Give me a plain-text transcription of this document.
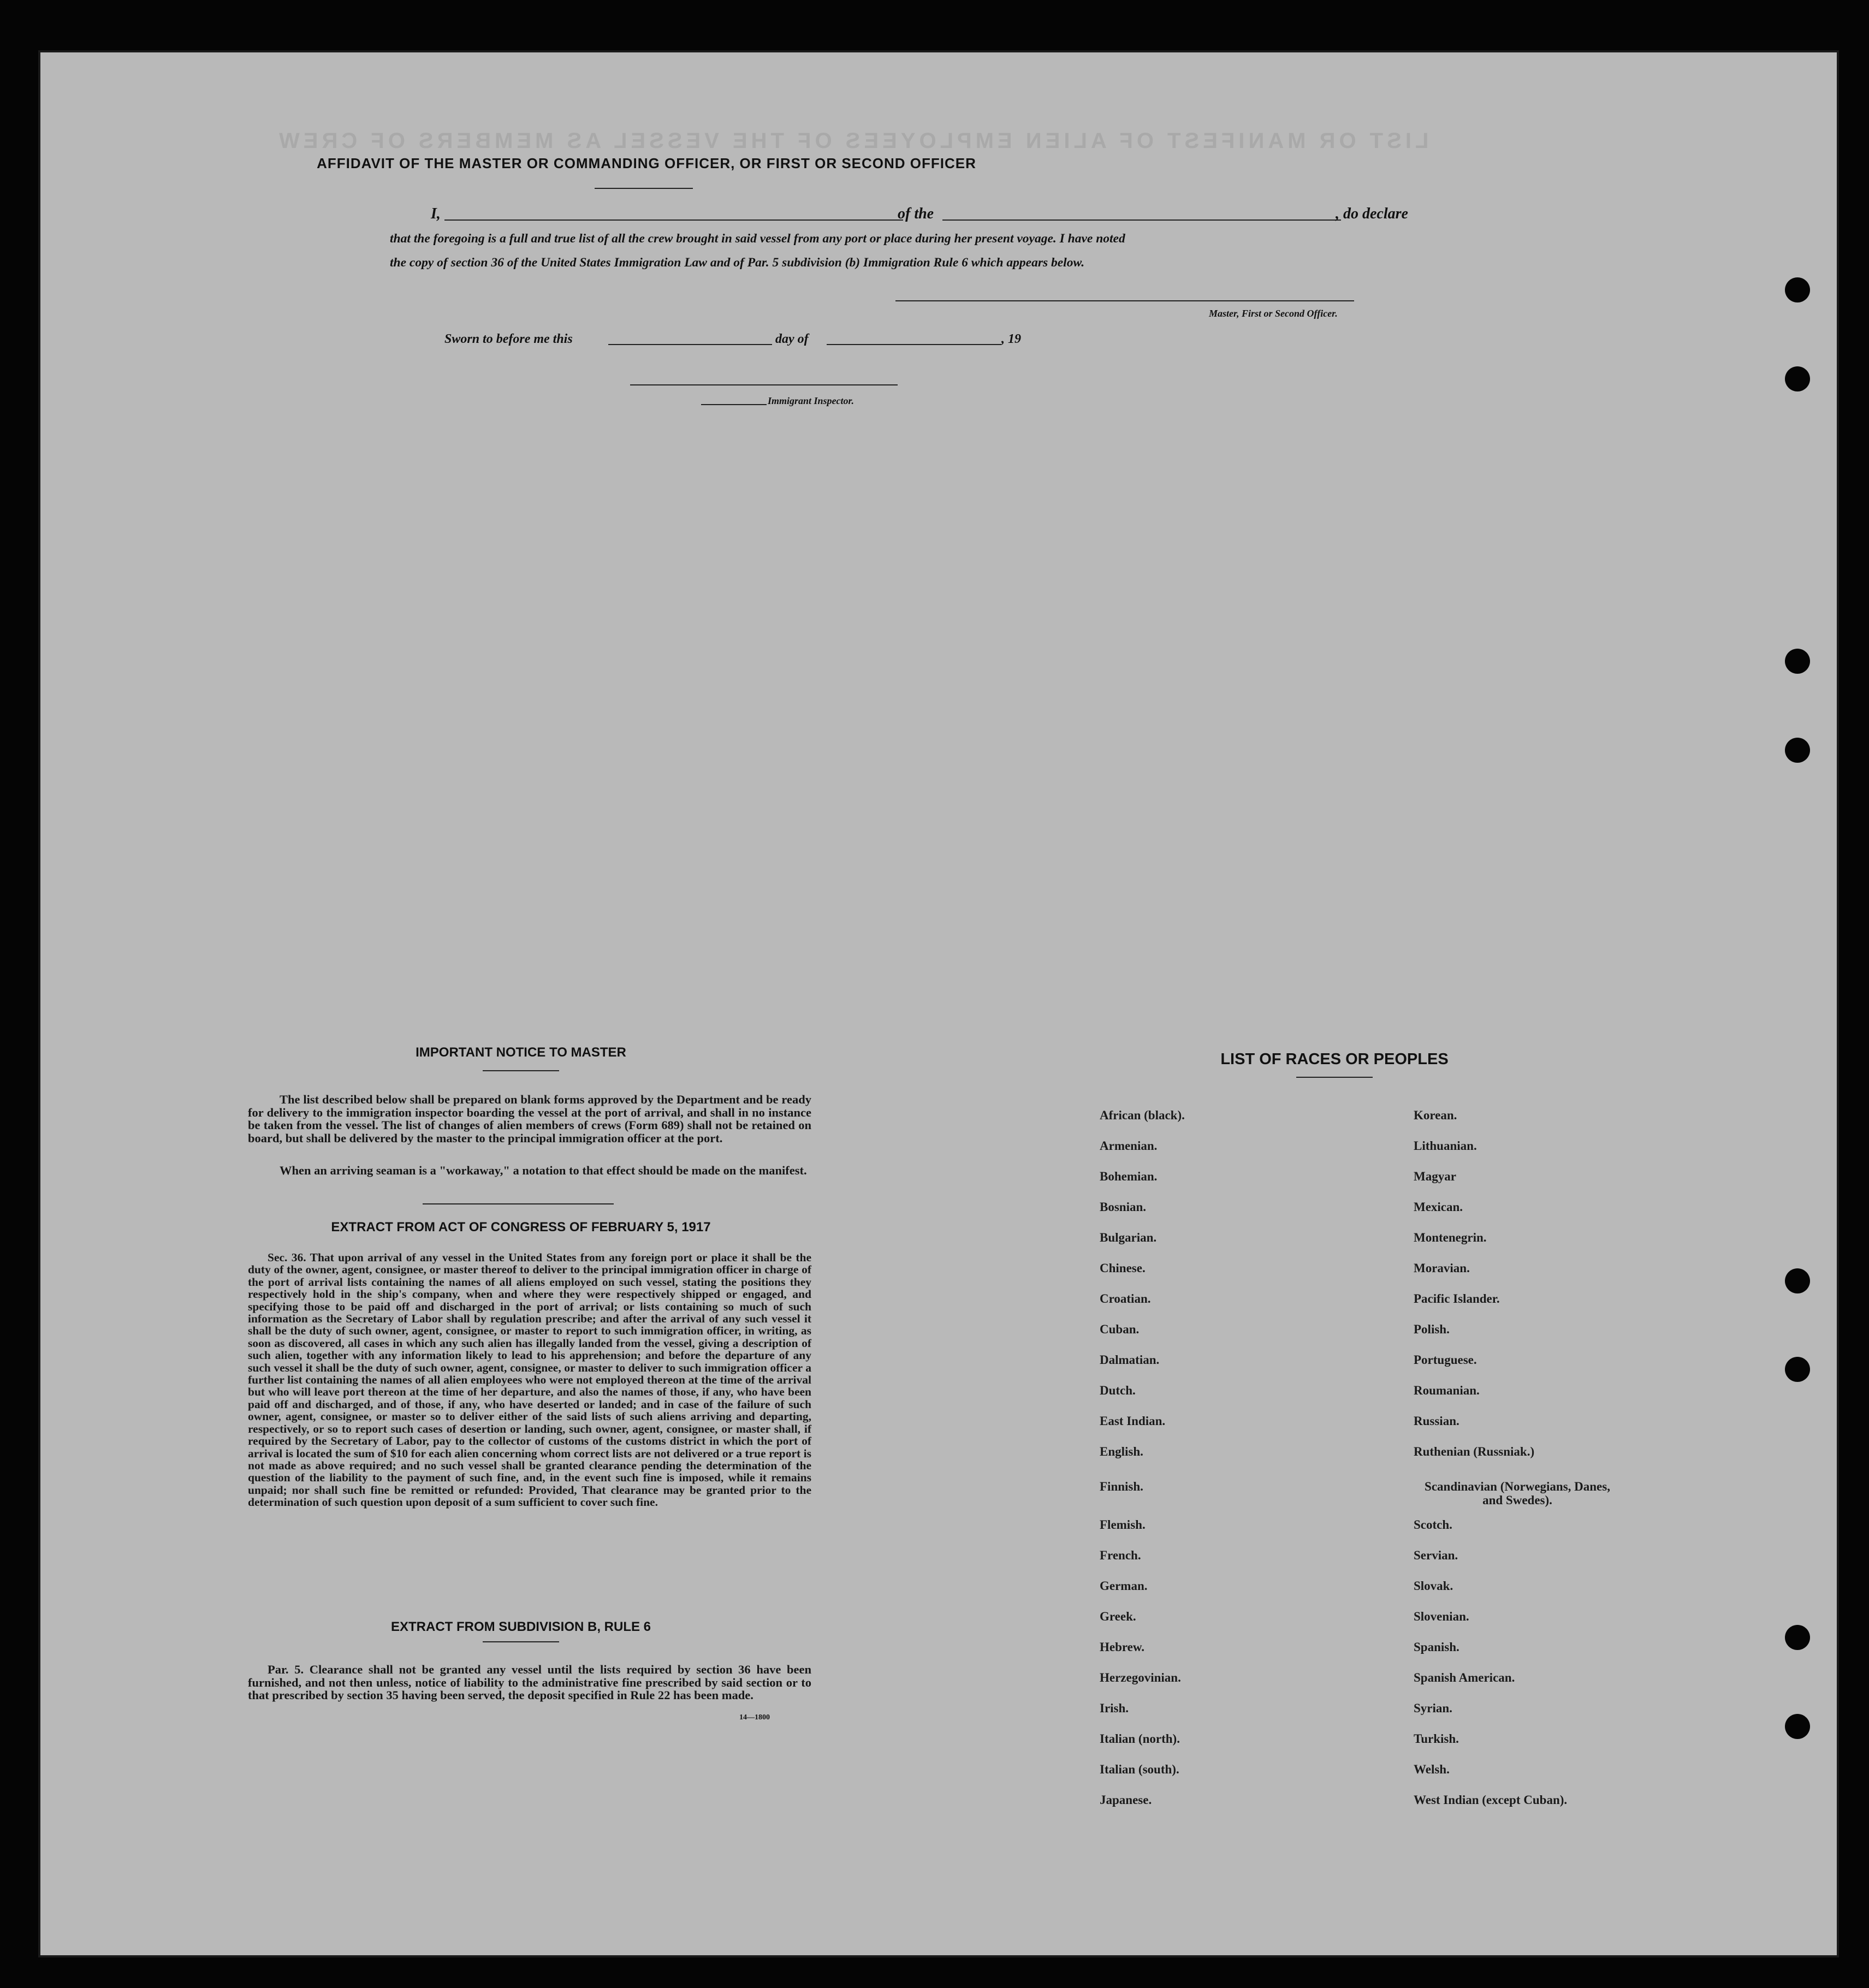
LIST OR MANIFEST OF ALIEN EMPLOYEES OF THE VESSEL AS MEMBERS OF CREW
AFFIDAVIT OF THE MASTER OR COMMANDING OFFICER, OR FIRST OR SECOND OFFICER
I,	of the	, do declare
that the foregoing is a full and true list of all the crew brought in said vessel from any port or place during her present voyage. I have noted
the copy of section 36 of the United States Immigration Law and of Par. 5 subdivision (b) Immigration Rule 6 which appears below.
Master, First or Second Officer.
Sworn to before me this	day of	, 19
Immigrant Inspector.
IMPORTANT NOTICE TO MASTER
The list described below shall be prepared on blank forms approved by the Department and be ready for delivery to the immigration inspector boarding the vessel at the port of arrival, and shall in no instance be taken from the vessel. The list of changes of alien members of crews (Form 689) shall not be retained on board, but shall be delivered by the master to the principal immigration officer at the port.
When an arriving seaman is a "workaway," a notation to that effect should be made on the manifest.
EXTRACT FROM ACT OF CONGRESS OF FEBRUARY 5, 1917
Sec. 36. That upon arrival of any vessel in the United States from any foreign port or place it shall be the duty of the owner, agent, consignee, or master thereof to deliver to the principal immigration officer in charge of the port of arrival lists containing the names of all aliens employed on such vessel, stating the positions they respectively hold in the ship's company, when and where they were respectively shipped or engaged, and specifying those to be paid off and discharged in the port of arrival; or lists containing so much of such information as the Secretary of Labor shall by regulation prescribe; and after the arrival of any such vessel it shall be the duty of such owner, agent, consignee, or master to report to such immigration officer, in writing, as soon as discovered, all cases in which any such alien has illegally landed from the vessel, giving a description of such alien, together with any information likely to lead to his apprehension; and before the departure of any such vessel it shall be the duty of such owner, agent, consignee, or master to deliver to such immigration officer a further list containing the names of all alien employees who were not employed thereon at the time of the arrival but who will leave port thereon at the time of her departure, and also the names of those, if any, who have been paid off and discharged, and of those, if any, who have deserted or landed; and in case of the failure of such owner, agent, consignee, or master so to deliver either of the said lists of such aliens arriving and departing, respectively, or so to report such cases of desertion or landing, such owner, agent, consignee, or master shall, if required by the Secretary of Labor, pay to the collector of customs of the customs district in which the port of arrival is located the sum of $10 for each alien concerning whom correct lists are not delivered or a true report is not made as above required; and no such vessel shall be granted clearance pending the determination of the question of the liability to the payment of such fine, and, in the event such fine is imposed, while it remains unpaid; nor shall such fine be remitted or refunded: Provided, That clearance may be granted prior to the determination of such question upon deposit of a sum sufficient to cover such fine.
EXTRACT FROM SUBDIVISION B, RULE 6
Par. 5. Clearance shall not be granted any vessel until the lists required by section 36 have been furnished, and not then unless, notice of liability to the administrative fine prescribed by said section or to that prescribed by section 35 having been served, the deposit specified in Rule 22 has been made.
14—1800
LIST OF RACES OR PEOPLES
African (black).
Armenian.
Bohemian.
Bosnian.
Bulgarian.
Chinese.
Croatian.
Cuban.
Dalmatian.
Dutch.
East Indian.
English.
Finnish.
Flemish.
French.
German.
Greek.
Hebrew.
Herzegovinian.
Irish.
Italian (north).
Italian (south).
Japanese.
Korean.
Lithuanian.
Magyar
Mexican.
Montenegrin.
Moravian.
Pacific Islander.
Polish.
Portuguese.
Roumanian.
Russian.
Ruthenian (Russniak.)
Scandinavian (Norwegians, Danes, and Swedes).
Scotch.
Servian.
Slovak.
Slovenian.
Spanish.
Spanish American.
Syrian.
Turkish.
Welsh.
West Indian (except Cuban).
